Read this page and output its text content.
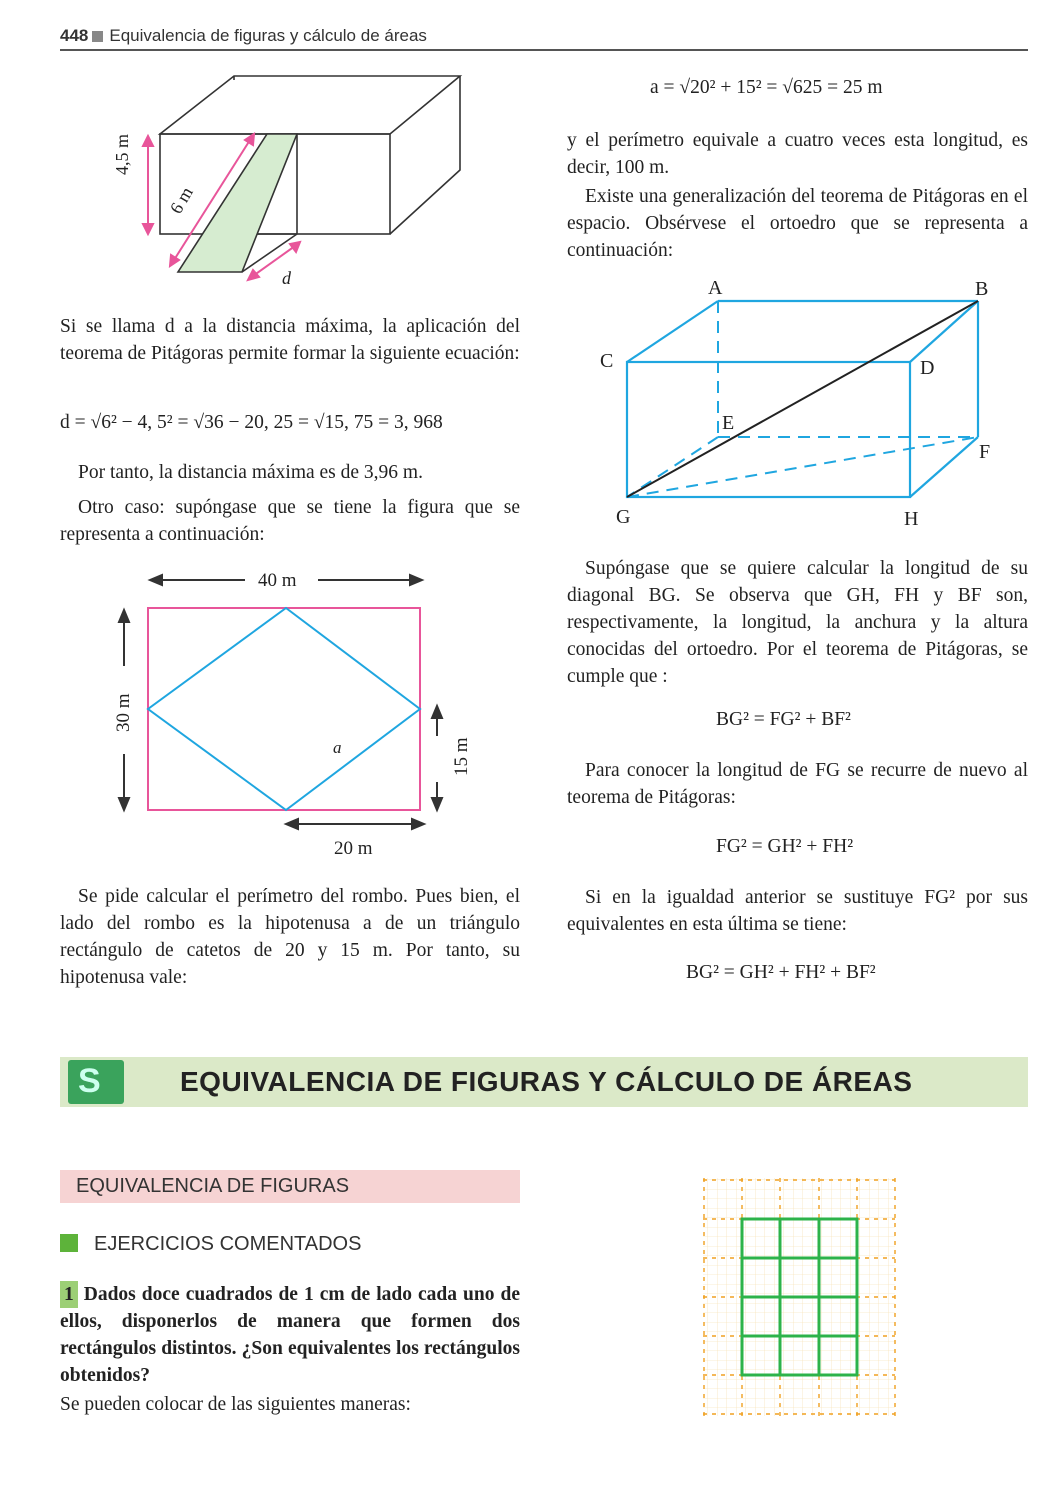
448 Equivalencia de figuras y cálculo de áreas
4,5 m
6 m
d
Si se llama d a la distancia máxima, la aplicación del teorema de Pitágoras permite formar la siguiente ecuación:
d = √6² − 4, 5² = √36 − 20, 25 = √15, 75 = 3, 968
Por tanto, la distancia máxima es de 3,96 m.
Otro caso: supóngase que se tiene la figura que se representa a continuación:
40 m
30 m
15 m
20 m
a
Se pide calcular el perímetro del rombo. Pues bien, el lado del rombo es la hipotenusa a de un triángulo rectángulo de catetos de 20 y 15 m. Por tanto, su hipotenusa vale:
a = √20² + 15² = √625 = 25 m
y el perímetro equivale a cuatro veces esta longitud, es decir, 100 m.
Existe una generalización del teorema de Pitágoras en el espacio. Obsérvese el ortoedro que se representa a continuación:
A	B
C	D
E
F
G	H
Supóngase que se quiere calcular la longitud de su diagonal BG. Se observa que GH, FH y BF son, respectivamente, la longitud, la anchura y la altura conocidas del ortoedro. Por el teorema de Pitágoras, se cumple que :
BG² = FG² + BF²
Para conocer la longitud de FG se recurre de nuevo al teorema de Pitágoras:
FG² = GH² + FH²
Si en la igualdad anterior se sustituye FG² por sus equivalentes en esta última se tiene:
BG² = GH² + FH² + BF²
S	EQUIVALENCIA DE FIGURAS Y CÁLCULO DE ÁREAS
EQUIVALENCIA DE FIGURAS
EJERCICIOS COMENTADOS
1 Dados doce cuadrados de 1 cm de lado cada uno de ellos, disponerlos de manera que formen dos rectángulos distintos. ¿Son equivalentes los rectángulos obtenidos?
Se pueden colocar de las siguientes maneras:
